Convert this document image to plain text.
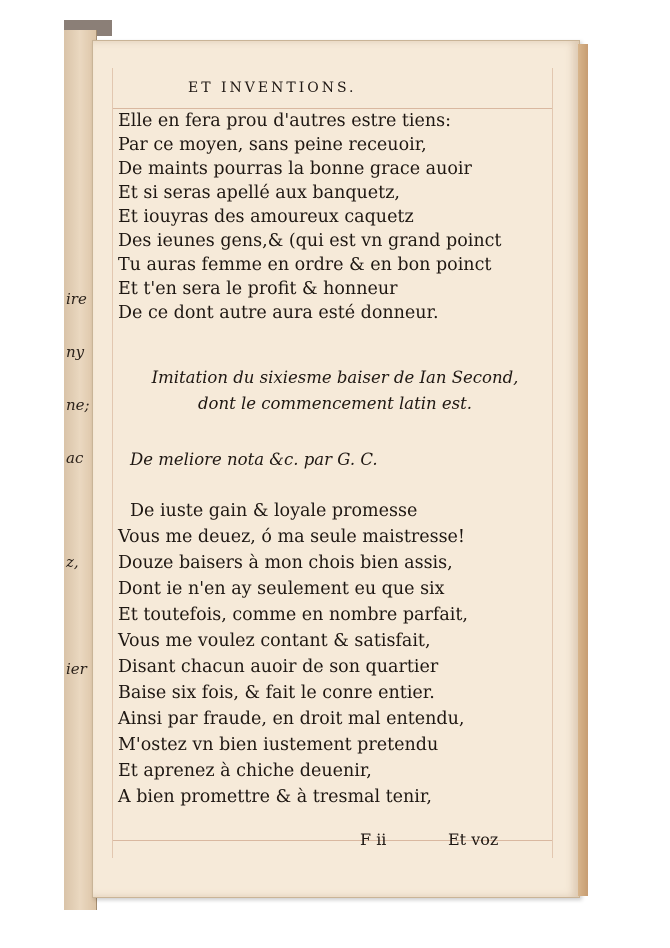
ire
ny
ne;
ac
z,
ier
ET INVENTIONS.
Elle en fera prou d'autres estre tiens:
Par ce moyen, sans peine receuoir,
De maints pourras la bonne grace auoir
Et si seras apellé aux banquetz,
Et iouyras des amoureux caquetz
Des ieunes gens,& (qui est vn grand poinct
Tu auras femme en ordre & en bon poinct
Et t'en sera le profit & honneur
De ce dont autre aura esté donneur.
Imitation du sixiesme baiser de Ian Second,
dont le commencement latin est.
De meliore nota &c. par G. C.
De iuste gain & loyale promesse
Vous me deuez, ó ma seule maistresse!
Douze baisers à mon chois bien assis,
Dont ie n'en ay seulement eu que six
Et toutefois, comme en nombre parfait,
Vous me voulez contant & satisfait,
Disant chacun auoir de son quartier
Baise six fois, & fait le conre entier.
Ainsi par fraude, en droit mal entendu,
M'ostez vn bien iustement pretendu
Et aprenez à chiche deuenir,
A bien promettre & à tresmal tenir,
F ii	Et voz
